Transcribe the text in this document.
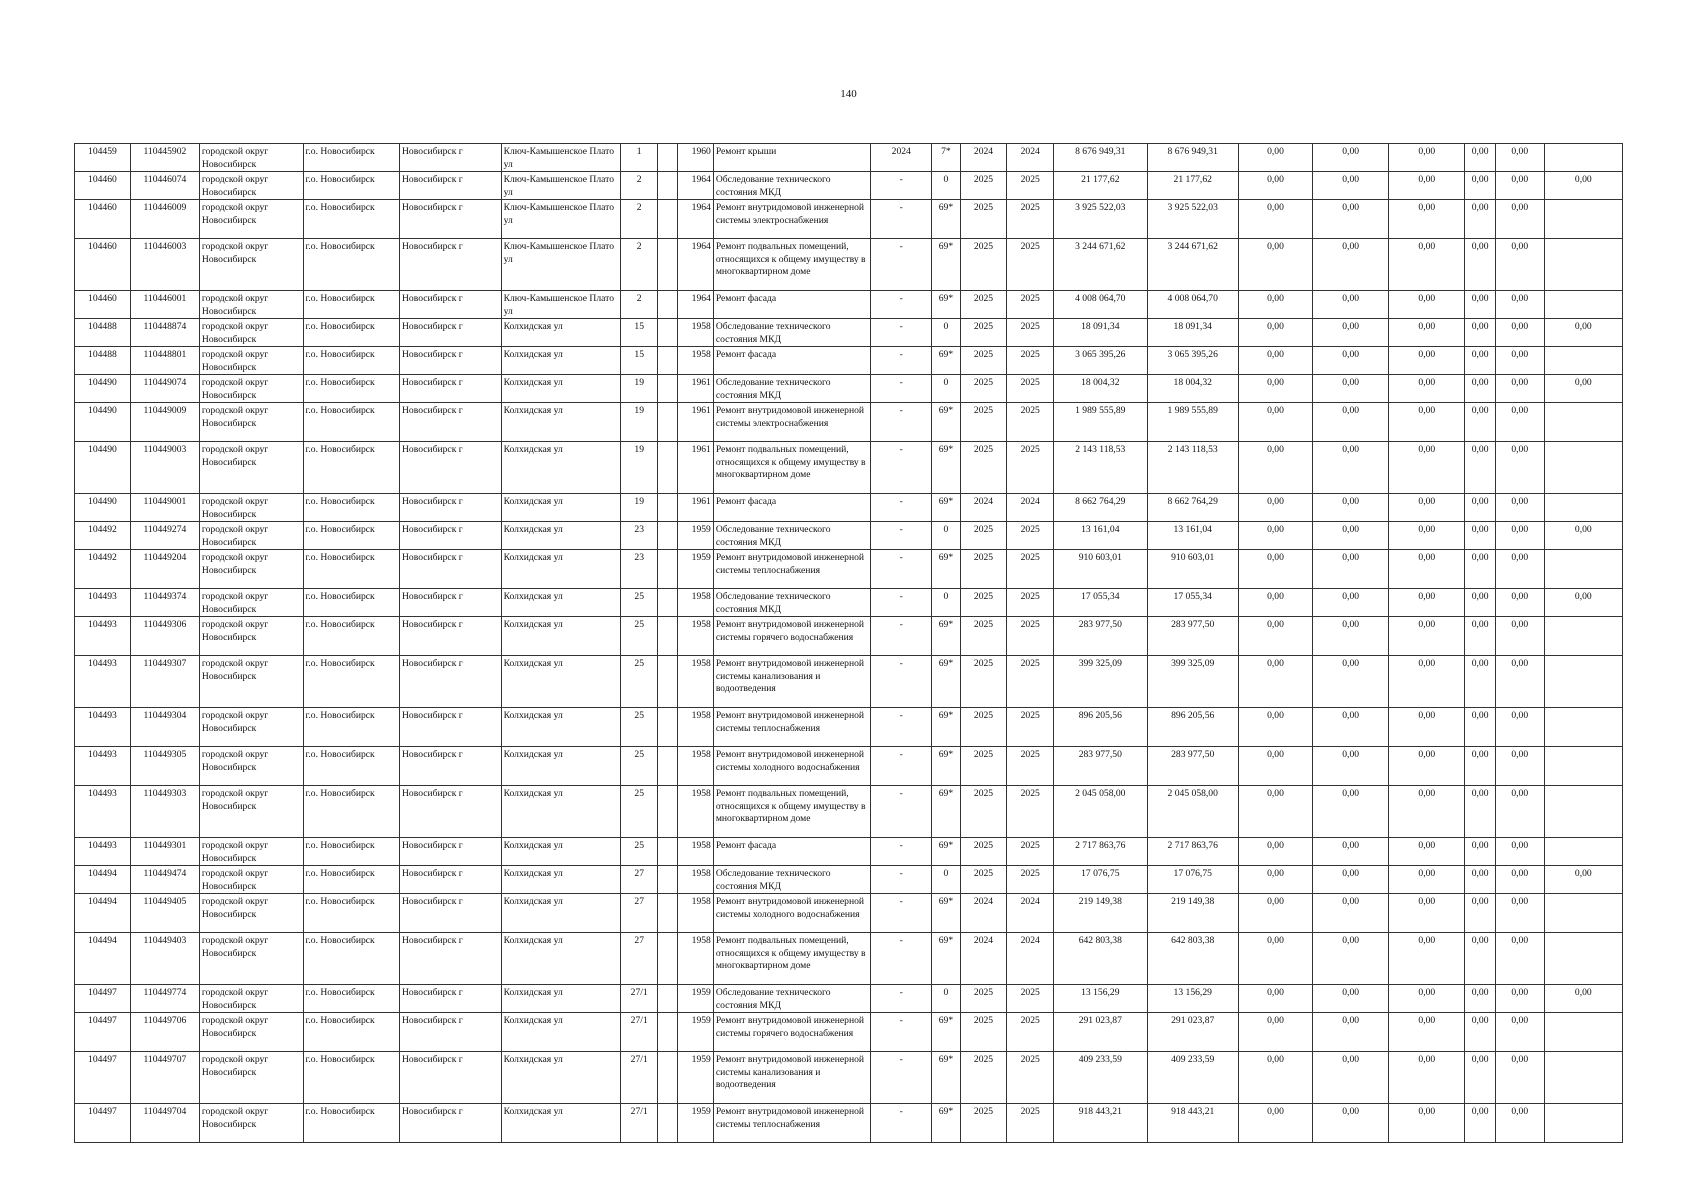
140
104459	110445902	городской округ Новосибирск	г.о. Новосибирск	Новосибирск г	Ключ-Камышенское Плато ул	1		1960	Ремонт крыши	2024	7*	2024	2024	8 676 949,31	8 676 949,31	0,00	0,00	0,00	0,00	0,00	
104460	110446074	городской округ Новосибирск	г.о. Новосибирск	Новосибирск г	Ключ-Камышенское Плато ул	2		1964	Обследование технического состояния МКД	-	0	2025	2025	21 177,62	21 177,62	0,00	0,00	0,00	0,00	0,00	0,00
104460	110446009	городской округ Новосибирск	г.о. Новосибирск	Новосибирск г	Ключ-Камышенское Плато ул	2		1964	Ремонт внутридомовой инженерной системы электроснабжения	-	69*	2025	2025	3 925 522,03	3 925 522,03	0,00	0,00	0,00	0,00	0,00	
104460	110446003	городской округ Новосибирск	г.о. Новосибирск	Новосибирск г	Ключ-Камышенское Плато ул	2		1964	Ремонт подвальных помещений, относящихся к общему имуществу в многоквартирном доме	-	69*	2025	2025	3 244 671,62	3 244 671,62	0,00	0,00	0,00	0,00	0,00	
104460	110446001	городской округ Новосибирск	г.о. Новосибирск	Новосибирск г	Ключ-Камышенское Плато ул	2		1964	Ремонт фасада	-	69*	2025	2025	4 008 064,70	4 008 064,70	0,00	0,00	0,00	0,00	0,00	
104488	110448874	городской округ Новосибирск	г.о. Новосибирск	Новосибирск г	Колхидская ул	15		1958	Обследование технического состояния МКД	-	0	2025	2025	18 091,34	18 091,34	0,00	0,00	0,00	0,00	0,00	0,00
104488	110448801	городской округ Новосибирск	г.о. Новосибирск	Новосибирск г	Колхидская ул	15		1958	Ремонт фасада	-	69*	2025	2025	3 065 395,26	3 065 395,26	0,00	0,00	0,00	0,00	0,00	
104490	110449074	городской округ Новосибирск	г.о. Новосибирск	Новосибирск г	Колхидская ул	19		1961	Обследование технического состояния МКД	-	0	2025	2025	18 004,32	18 004,32	0,00	0,00	0,00	0,00	0,00	0,00
104490	110449009	городской округ Новосибирск	г.о. Новосибирск	Новосибирск г	Колхидская ул	19		1961	Ремонт внутридомовой инженерной системы электроснабжения	-	69*	2025	2025	1 989 555,89	1 989 555,89	0,00	0,00	0,00	0,00	0,00	
104490	110449003	городской округ Новосибирск	г.о. Новосибирск	Новосибирск г	Колхидская ул	19		1961	Ремонт подвальных помещений, относящихся к общему имуществу в многоквартирном доме	-	69*	2025	2025	2 143 118,53	2 143 118,53	0,00	0,00	0,00	0,00	0,00	
104490	110449001	городской округ Новосибирск	г.о. Новосибирск	Новосибирск г	Колхидская ул	19		1961	Ремонт фасада	-	69*	2024	2024	8 662 764,29	8 662 764,29	0,00	0,00	0,00	0,00	0,00	
104492	110449274	городской округ Новосибирск	г.о. Новосибирск	Новосибирск г	Колхидская ул	23		1959	Обследование технического состояния МКД	-	0	2025	2025	13 161,04	13 161,04	0,00	0,00	0,00	0,00	0,00	0,00
104492	110449204	городской округ Новосибирск	г.о. Новосибирск	Новосибирск г	Колхидская ул	23		1959	Ремонт внутридомовой инженерной системы теплоснабжения	-	69*	2025	2025	910 603,01	910 603,01	0,00	0,00	0,00	0,00	0,00	
104493	110449374	городской округ Новосибирск	г.о. Новосибирск	Новосибирск г	Колхидская ул	25		1958	Обследование технического состояния МКД	-	0	2025	2025	17 055,34	17 055,34	0,00	0,00	0,00	0,00	0,00	0,00
104493	110449306	городской округ Новосибирск	г.о. Новосибирск	Новосибирск г	Колхидская ул	25		1958	Ремонт внутридомовой инженерной системы горячего водоснабжения	-	69*	2025	2025	283 977,50	283 977,50	0,00	0,00	0,00	0,00	0,00	
104493	110449307	городской округ Новосибирск	г.о. Новосибирск	Новосибирск г	Колхидская ул	25		1958	Ремонт внутридомовой инженерной системы канализования и водоотведения	-	69*	2025	2025	399 325,09	399 325,09	0,00	0,00	0,00	0,00	0,00	
104493	110449304	городской округ Новосибирск	г.о. Новосибирск	Новосибирск г	Колхидская ул	25		1958	Ремонт внутридомовой инженерной системы теплоснабжения	-	69*	2025	2025	896 205,56	896 205,56	0,00	0,00	0,00	0,00	0,00	
104493	110449305	городской округ Новосибирск	г.о. Новосибирск	Новосибирск г	Колхидская ул	25		1958	Ремонт внутридомовой инженерной системы холодного водоснабжения	-	69*	2025	2025	283 977,50	283 977,50	0,00	0,00	0,00	0,00	0,00	
104493	110449303	городской округ Новосибирск	г.о. Новосибирск	Новосибирск г	Колхидская ул	25		1958	Ремонт подвальных помещений, относящихся к общему имуществу в многоквартирном доме	-	69*	2025	2025	2 045 058,00	2 045 058,00	0,00	0,00	0,00	0,00	0,00	
104493	110449301	городской округ Новосибирск	г.о. Новосибирск	Новосибирск г	Колхидская ул	25		1958	Ремонт фасада	-	69*	2025	2025	2 717 863,76	2 717 863,76	0,00	0,00	0,00	0,00	0,00	
104494	110449474	городской округ Новосибирск	г.о. Новосибирск	Новосибирск г	Колхидская ул	27		1958	Обследование технического состояния МКД	-	0	2025	2025	17 076,75	17 076,75	0,00	0,00	0,00	0,00	0,00	0,00
104494	110449405	городской округ Новосибирск	г.о. Новосибирск	Новосибирск г	Колхидская ул	27		1958	Ремонт внутридомовой инженерной системы холодного водоснабжения	-	69*	2024	2024	219 149,38	219 149,38	0,00	0,00	0,00	0,00	0,00	
104494	110449403	городской округ Новосибирск	г.о. Новосибирск	Новосибирск г	Колхидская ул	27		1958	Ремонт подвальных помещений, относящихся к общему имуществу в многоквартирном доме	-	69*	2024	2024	642 803,38	642 803,38	0,00	0,00	0,00	0,00	0,00	
104497	110449774	городской округ Новосибирск	г.о. Новосибирск	Новосибирск г	Колхидская ул	27/1		1959	Обследование технического состояния МКД	-	0	2025	2025	13 156,29	13 156,29	0,00	0,00	0,00	0,00	0,00	0,00
104497	110449706	городской округ Новосибирск	г.о. Новосибирск	Новосибирск г	Колхидская ул	27/1		1959	Ремонт внутридомовой инженерной системы горячего водоснабжения	-	69*	2025	2025	291 023,87	291 023,87	0,00	0,00	0,00	0,00	0,00	
104497	110449707	городской округ Новосибирск	г.о. Новосибирск	Новосибирск г	Колхидская ул	27/1		1959	Ремонт внутридомовой инженерной системы канализования и водоотведения	-	69*	2025	2025	409 233,59	409 233,59	0,00	0,00	0,00	0,00	0,00	
104497	110449704	городской округ Новосибирск	г.о. Новосибирск	Новосибирск г	Колхидская ул	27/1		1959	Ремонт внутридомовой инженерной системы теплоснабжения	-	69*	2025	2025	918 443,21	918 443,21	0,00	0,00	0,00	0,00	0,00	
